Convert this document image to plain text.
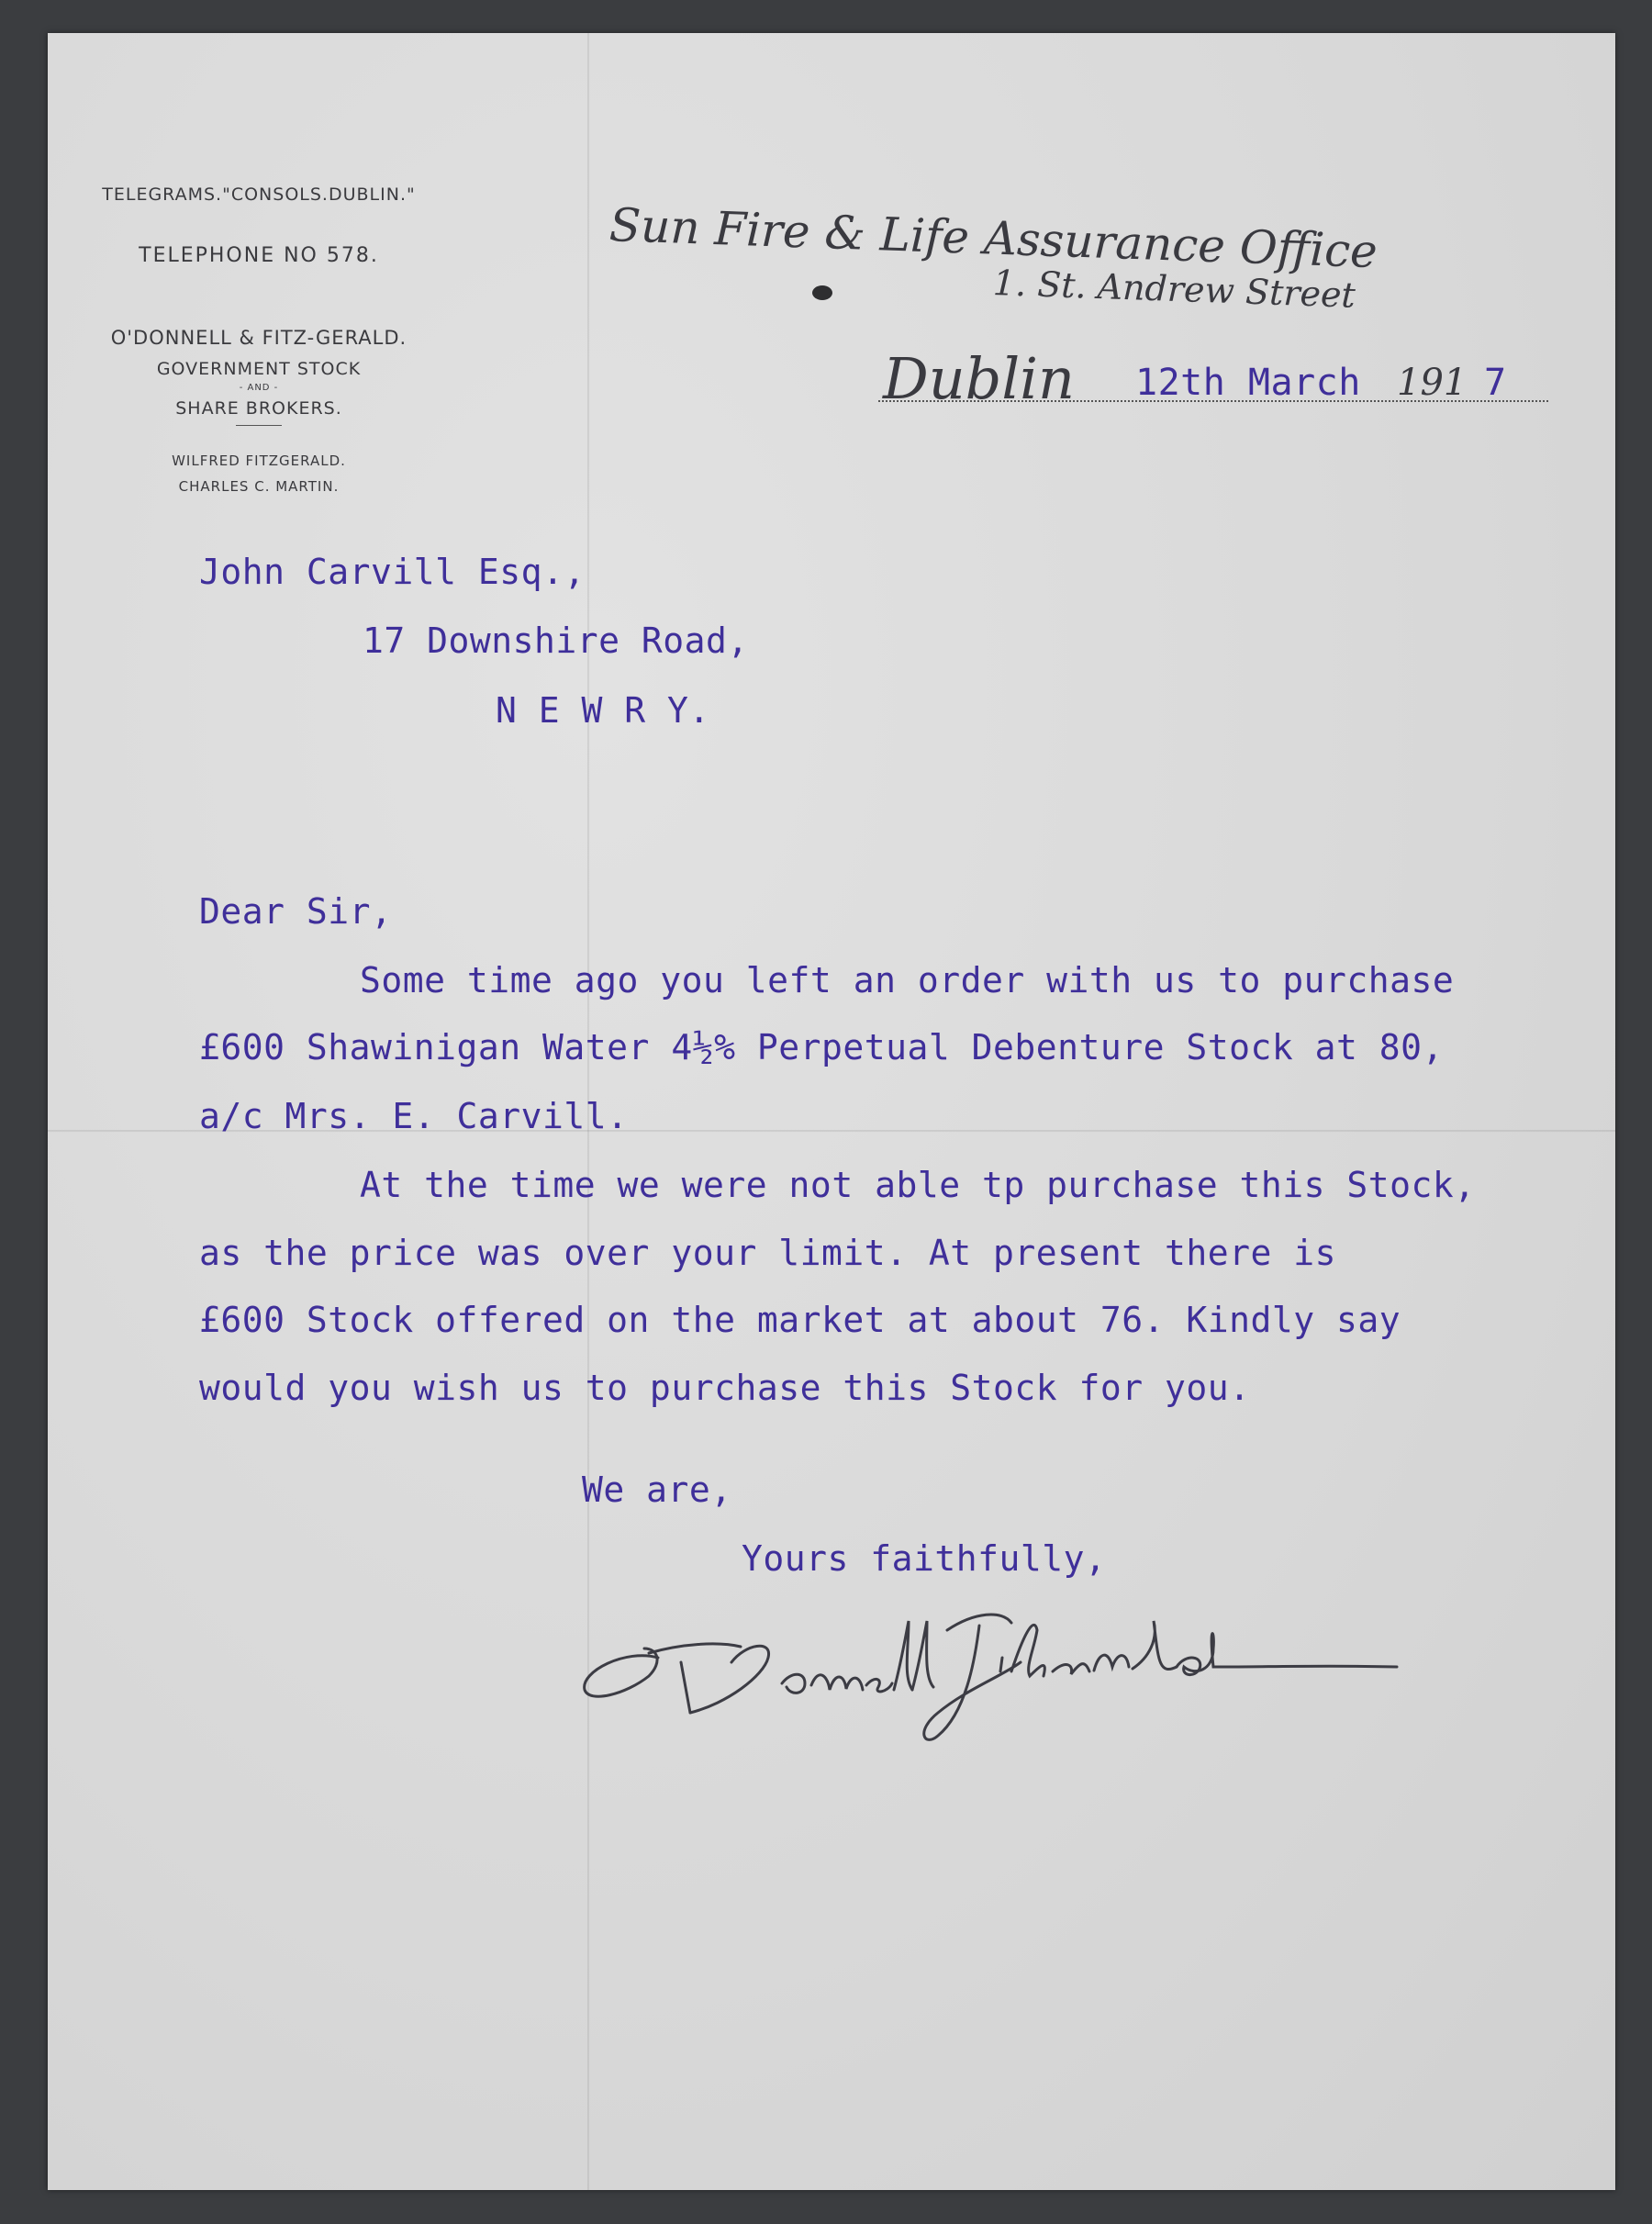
TELEGRAMS."CONSOLS.DUBLIN."
TELEPHONE NO 578.
O'DONNELL & FITZ-GERALD.
GOVERNMENT STOCK
- AND -
SHARE BROKERS.
WILFRED FITZGERALD.
CHARLES C. MARTIN.
Sun Fire & Life Assurance Office
1. St. Andrew Street
Dublin 12th March 191 7
John Carvill Esq.,
17 Downshire Road,
N E W R Y.
Dear Sir,
Some time ago you left an order with us to purchase
£600 Shawinigan Water 4½% Perpetual Debenture Stock at 80,
a/c Mrs. E. Carvill.
At the time we were not able tp purchase this Stock,
as the price was over your limit. At present there is
£600 Stock offered on the market at about 76. Kindly say
would you wish us to purchase this Stock for you.
We are,
Yours faithfully,
